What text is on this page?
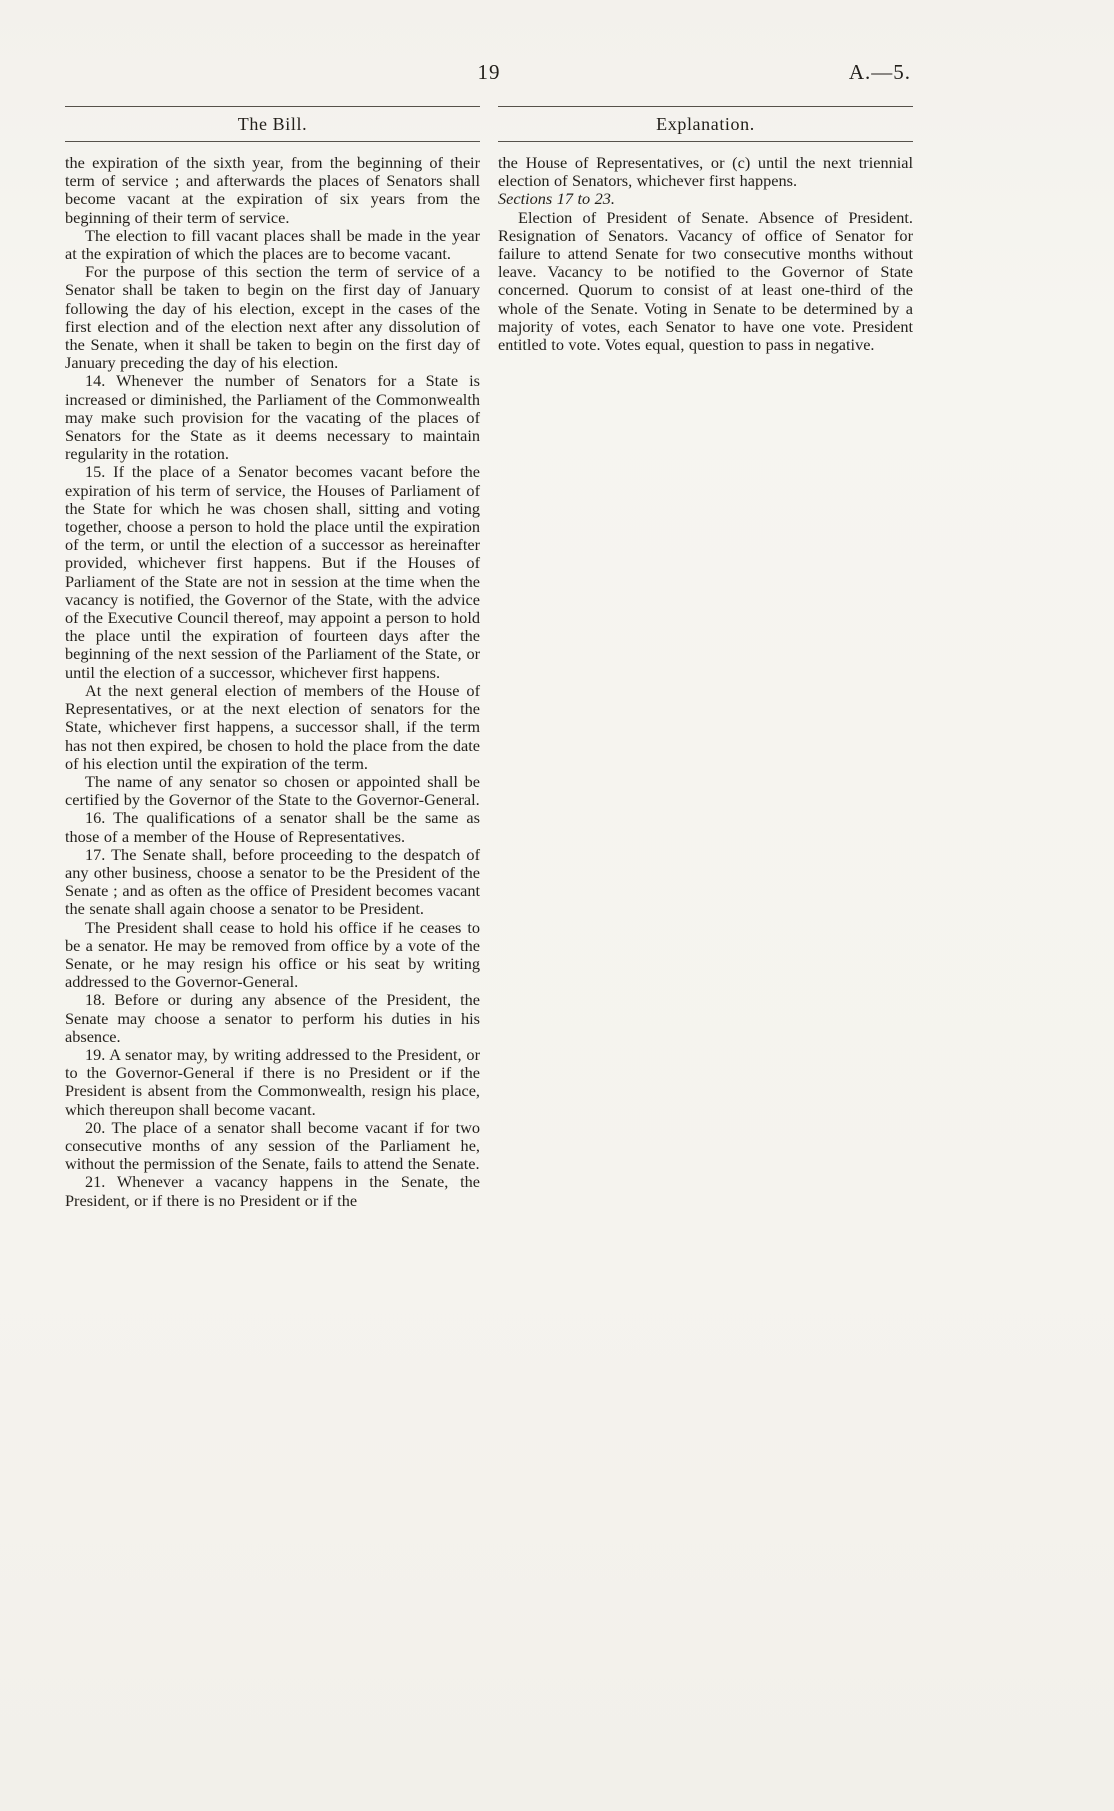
19	A.—5.
The Bill.

the expiration of the sixth year, from the beginning of their term of service ; and afterwards the places of Senators shall become vacant at the expiration of six years from the beginning of their term of service.

The election to fill vacant places shall be made in the year at the expiration of which the places are to become vacant.

For the purpose of this section the term of service of a Senator shall be taken to begin on the first day of January following the day of his election, except in the cases of the first election and of the election next after any dissolution of the Senate, when it shall be taken to begin on the first day of January preceding the day of his election.

14. Whenever the number of Senators for a State is increased or diminished, the Parliament of the Commonwealth may make such provision for the vacating of the places of Senators for the State as it deems necessary to maintain regularity in the rotation.

15. If the place of a Senator becomes vacant before the expiration of his term of service, the Houses of Parliament of the State for which he was chosen shall, sitting and voting together, choose a person to hold the place until the expiration of the term, or until the election of a successor as hereinafter provided, whichever first happens. But if the Houses of Parliament of the State are not in session at the time when the vacancy is notified, the Governor of the State, with the advice of the Executive Council thereof, may appoint a person to hold the place until the expiration of fourteen days after the beginning of the next session of the Parliament of the State, or until the election of a successor, whichever first happens.

At the next general election of members of the House of Representatives, or at the next election of senators for the State, whichever first happens, a successor shall, if the term has not then expired, be chosen to hold the place from the date of his election until the expiration of the term.

The name of any senator so chosen or appointed shall be certified by the Governor of the State to the Governor-General.

16. The qualifications of a senator shall be the same as those of a member of the House of Representatives.

17. The Senate shall, before proceeding to the despatch of any other business, choose a senator to be the President of the Senate ; and as often as the office of President becomes vacant the senate shall again choose a senator to be President.

The President shall cease to hold his office if he ceases to be a senator. He may be removed from office by a vote of the Senate, or he may resign his office or his seat by writing addressed to the Governor-General.

18. Before or during any absence of the President, the Senate may choose a senator to perform his duties in his absence.

19. A senator may, by writing addressed to the President, or to the Governor-General if there is no President or if the President is absent from the Commonwealth, resign his place, which thereupon shall become vacant.

20. The place of a senator shall become vacant if for two consecutive months of any session of the Parliament he, without the permission of the Senate, fails to attend the Senate.

21. Whenever a vacancy happens in the Senate, the President, or if there is no President or if the

Explanation.

the House of Representatives, or (c) until the next triennial election of Senators, whichever first happens.

Sections 17 to 23.

Election of President of Senate. Absence of President. Resignation of Senators. Vacancy of office of Senator for failure to attend Senate for two consecutive months without leave. Vacancy to be notified to the Governor of State concerned. Quorum to consist of at least one-third of the whole of the Senate. Voting in Senate to be determined by a majority of votes, each Senator to have one vote. President entitled to vote. Votes equal, question to pass in negative.
